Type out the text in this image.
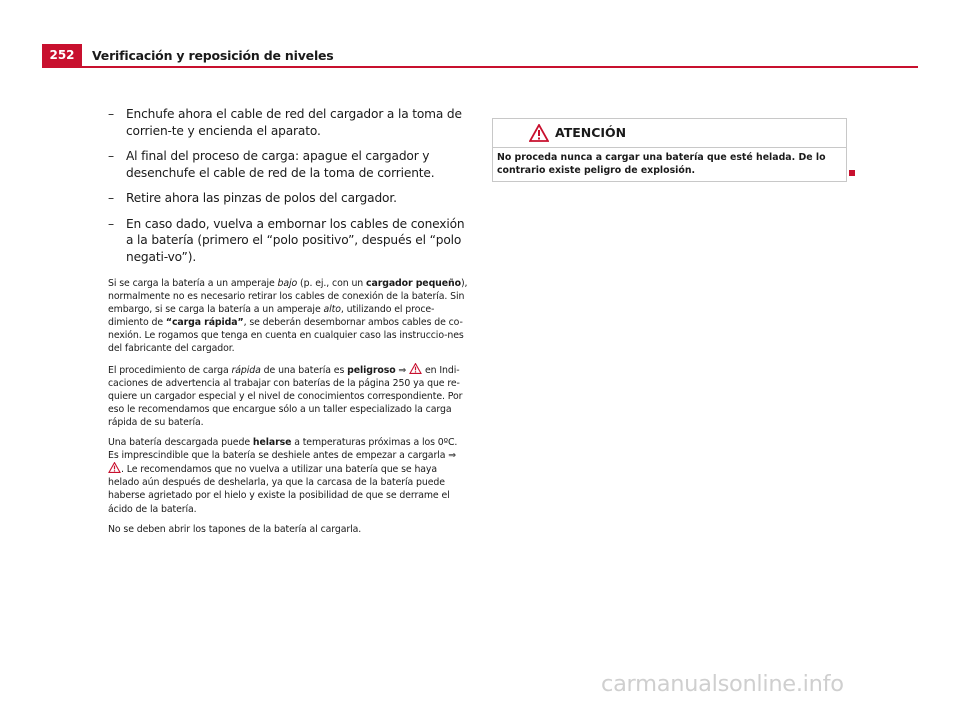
252	Verificación y reposición de niveles
– Enchufe ahora el cable de red del cargador a la toma de corrien-te y encienda el aparato.
– Al final del proceso de carga: apague el cargador y desenchufe el cable de red de la toma de corriente.
– Retire ahora las pinzas de polos del cargador.
– En caso dado, vuelva a embornar los cables de conexión a la batería (primero el “polo positivo”, después el “polo negati-vo”).

Si se carga la batería a un amperaje bajo (p. ej., con un cargador pequeño), normalmente no es necesario retirar los cables de conexión de la batería. Sin embargo, si se carga la batería a un amperaje alto, utilizando el proce-dimiento de “carga rápida”, se deberán desembornar ambos cables de co-nexión. Le rogamos que tenga en cuenta en cualquier caso las instruccio-nes del fabricante del cargador.

El procedimiento de carga rápida de una batería es peligroso ⇒  en Indi-caciones de advertencia al trabajar con baterías de la página 250 ya que re-quiere un cargador especial y el nivel de conocimientos correspondiente. Por eso le recomendamos que encargue sólo a un taller especializado la carga rápida de su batería.

Una batería descargada puede helarse a temperaturas próximas a los 0ºC. Es imprescindible que la batería se deshiele antes de empezar a cargarla ⇒ . Le recomendamos que no vuelva a utilizar una batería que se haya helado aún después de deshelarla, ya que la carcasa de la batería puede haberse agrietado por el hielo y existe la posibilidad de que se derrame el ácido de la batería.

No se deben abrir los tapones de la batería al cargarla.

ATENCIÓN
No proceda nunca a cargar una batería que esté helada. De lo contrario existe peligro de explosión.
carmanualsonline.info
